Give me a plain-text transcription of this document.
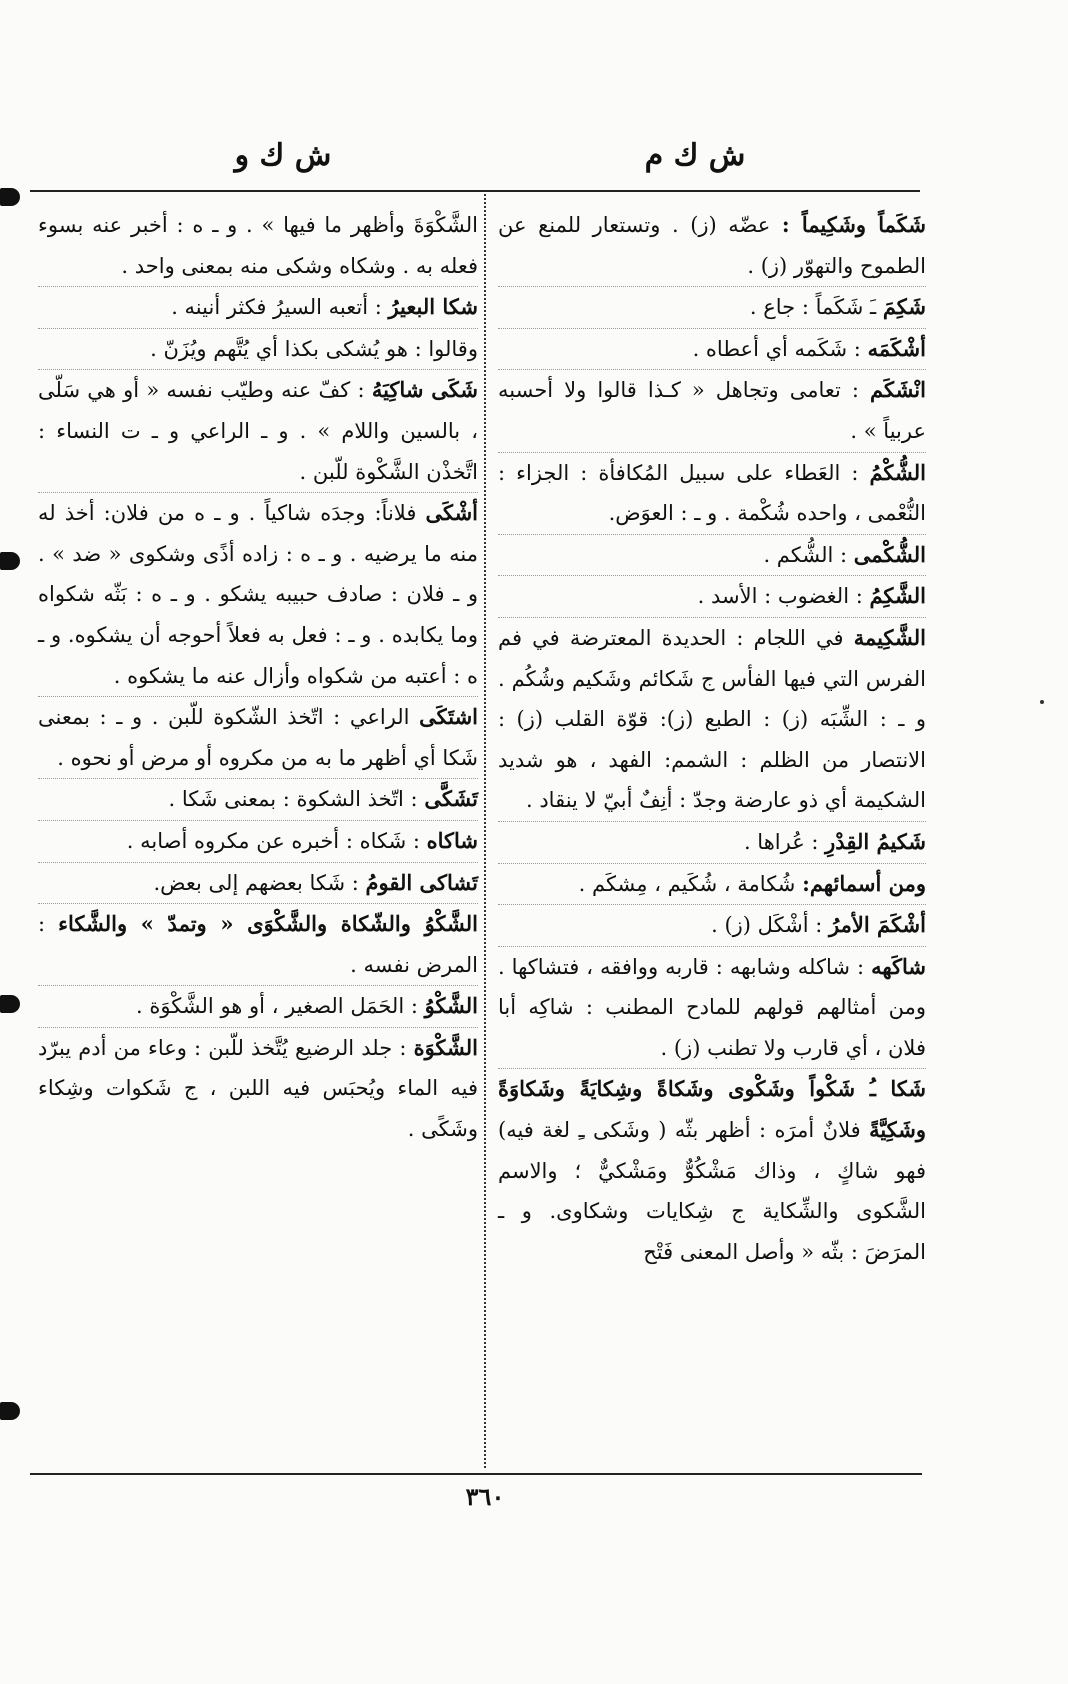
ش ك م
ش ك و

شَكَماً وشَكِيماً : عضّه (ز) . وتستعار للمنع عن الطموح والتهوّر (ز) .

شَكِمَ ـَ شَكَماً : جاع .

أشْكَمَه : شَكَمه أي أعطاه .

انْشَكَم : تعامى وتجاهل « كـذا قالوا ولا أحسبه عربياً » .

الشُّكْمُ : العَطاء على سبيل المُكافأة : الجزاء : النُّعْمى ، واحده شُكْمة . و ـ : العوَض.

الشُّكْمى : الشُّكم .

الشَّكِمُ : الغضوب : الأسد .

الشَّكِيمة في اللجام : الحديدة المعترضة في فم الفرس التي فيها الفأس ج شَكائم وشَكيم وشُكُم . و ـ : الشِّبَه (ز) : الطبع (ز): قوّة القلب (ز) : الانتصار من الظلم : الشمم: الفهد ، هو شديد الشكيمة أي ذو عارضة وجدّ : أنِفٌ أبيّ لا ينقاد .

شَكيمُ القِدْرِ : عُراها .

ومن أسمائهم: شُكامة ، شُكَيم ، مِشكَم .

أشْكَمَ الأمرُ : أشْكَل (ز) .

شاكَهه : شاكله وشابهه : قاربه ووافقه ، فتشاكها . ومن أمثالهم قولهم للمادح المطنب : شاكِه أبا فلان ، أي قارب ولا تطنب (ز) .

شَكا ـُ شَكْواً وشَكْوى وشَكاةً وشِكايَةً وشَكاوَةً وشَكِيَّةً فلانٌ أمرَه : أظهر بثّه ( وشَكى ـِ لغة فيه) فهو شاكٍ ، وذاك مَشْكُوٌّ ومَشْكيٌّ ؛ والاسم الشَّكوى والشِّكاية ج شِكايات وشكاوى. و ـ المرَضَ : بثّه « وأصل المعنى فَتْح

الشَّكْوَةَ وأظهر ما فيها » . و ـ ه : أخبر عنه بسوء فعله به . وشكاه وشكى منه بمعنى واحد .

شكا البعيرُ : أتعبه السيرُ فكثر أنينه .

وقالوا : هو يُشكى بكذا أي يُتَّهم ويُزَنّ .

شَكَى شاكِيَهُ : كفّ عنه وطيّب نفسه « أو هي سَلّى ، بالسين واللام » . و ـ الراعي و ـ ت النساء : اتَّخذْن الشَّكْوة للّبن .

أشْكَى فلاناً: وجدَه شاكياً . و ـ ه من فلان: أخذ له منه ما يرضيه . و ـ ه : زاده أذًى وشكوى « ضد » . و ـ فلان : صادف حبيبه يشكو . و ـ ه : بَثّه شكواه وما يكابده . و ـ : فعل به فعلاً أحوجه أن يشكوه. و ـ ه : أعتبه من شكواه وأزال عنه ما يشكوه .

اشتَكَى الراعي : اتّخذ الشّكوة للّبن . و ـ : بمعنى شَكا أي أظهر ما به من مكروه أو مرض أو نحوه .

تَشَكَّى : اتّخذ الشكوة : بمعنى شَكا .

شاكاه : شَكاه : أخبره عن مكروه أصابه .

تَشاكى القومُ : شَكا بعضهم إلى بعض.

الشَّكْوُ والشّكاة والشَّكْوَى « وتمدّ » والشَّكاء : المرض نفسه .

الشَّكْوُ : الحَمَل الصغير ، أو هو الشَّكْوَة .

الشَّكْوَة : جلد الرضيع يُتَّخذ للّبن : وعاء من أدم يبرّد فيه الماء ويُحبَس فيه اللبن ، ج شَكوات وشِكاء وشَكًى .

٣٦٠
